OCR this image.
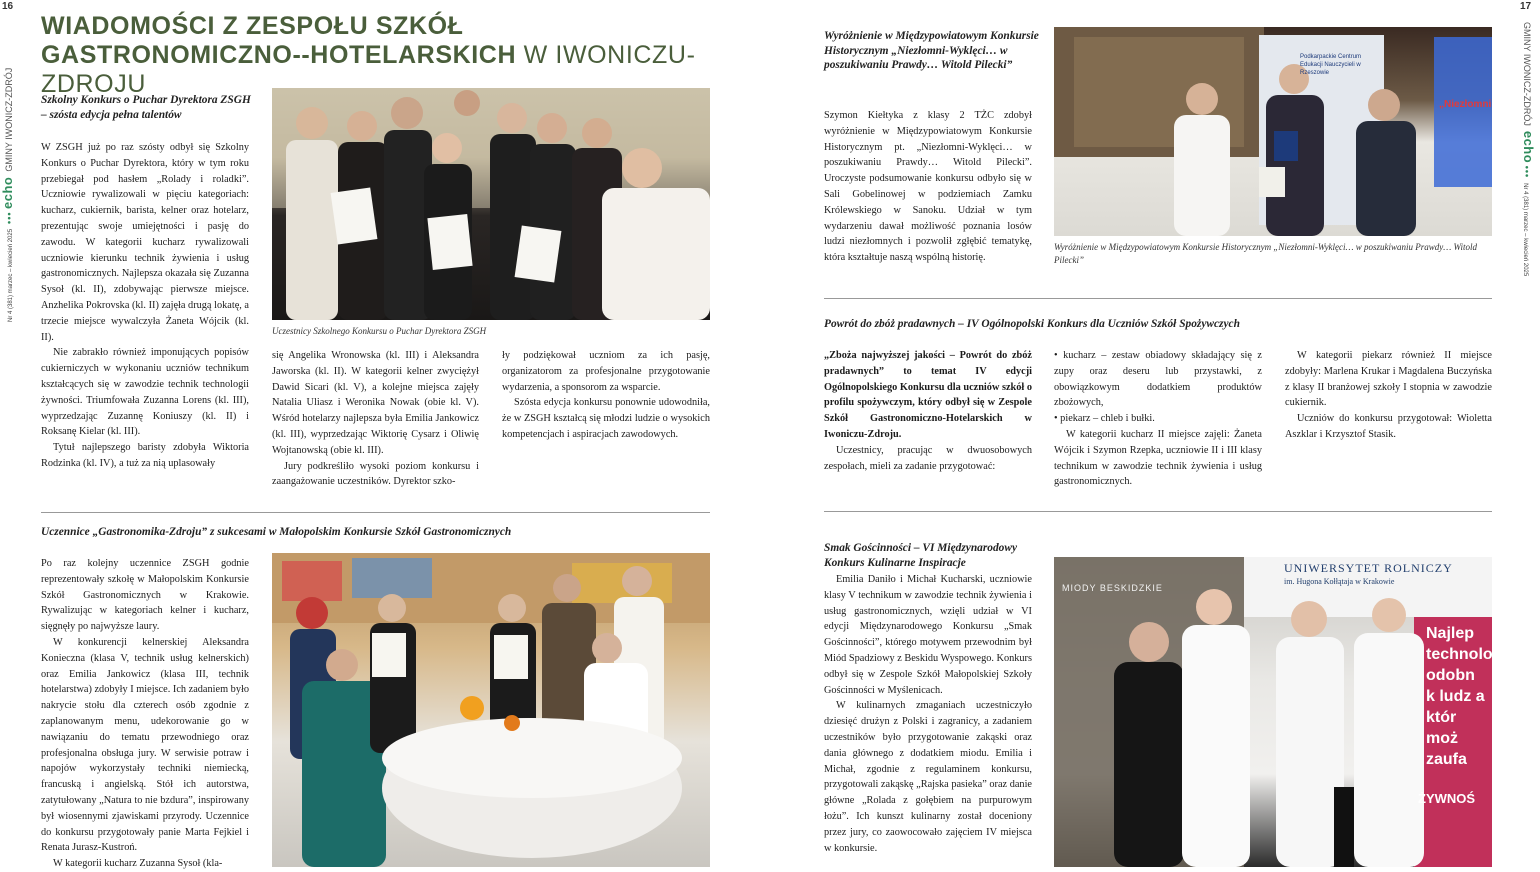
16	17
Nr 4 (381) marzec – kwiecień 2025  ••• echo  GMINY IWONICZ-ZDRÓJ	GMINY IWONICZ-ZDRÓJ  echo •••  Nr 4 (381) marzec – kwiecień 2025
WIADOMOŚCI Z ZESPOŁU SZKÓŁ GASTRONOMICZNO--HOTELARSKICH W IWONICZU-ZDROJU
Szkolny Konkurs o Puchar Dyrektora ZSGH – szósta edycja pełna talentów

W ZSGH już po raz szósty odbył się Szkolny Konkurs o Puchar Dyrektora, który w tym roku przebiegał pod hasłem „Rolady i roladki”. Uczniowie rywalizowali w pięciu kategoriach: kucharz, cukiernik, barista, kelner oraz hotelarz, prezentując swoje umiejętności i pasję do zawodu. W kategorii kucharz rywalizowali uczniowie kierunku technik żywienia i usług gastronomicznych. Najlepsza okazała się Zuzanna Sysoł (kl. II), zdobywając pierwsze miejsce. Anzhelika Pokrovska (kl. II) zajęła drugą lokatę, a trzecie miejsce wywalczyła Żaneta Wójcik (kl. II).

Nie zabrakło również imponujących popisów cukierniczych w wykonaniu uczniów technikum kształcących się w zawodzie technik technologii żywności. Triumfowała Zuzanna Lorens (kl. III), wyprzedzając Zuzannę Koniuszy (kl. II) i Roksanę Kielar (kl. III).

Tytuł najlepszego baristy zdobyła Wiktoria Rodzinka (kl. IV), a tuż za nią uplasowały

Uczestnicy Szkolnego Konkursu o Puchar Dyrektora ZSGH

się Angelika Wronowska (kl. III) i Aleksandra Jaworska (kl. II). W kategorii kelner zwyciężył Dawid Sicari (kl. V), a kolejne miejsca zajęły Natalia Uliasz i Weronika Nowak (obie kl. V). Wśród hotelarzy najlepsza była Emilia Jankowicz (kl. III), wyprzedzając Wiktorię Cysarz i Oliwię Wojtanowską (obie kl. III).

Jury podkreśliło wysoki poziom konkursu i zaangażowanie uczestników. Dyrektor szko-

ły podziękował uczniom za ich pasję, organizatorom za profesjonalne przygotowanie wydarzenia, a sponsorom za wsparcie.

Szósta edycja konkursu ponownie udowodniła, że w ZSGH kształcą się młodzi ludzie o wysokich kompetencjach i aspiracjach zawodowych.

Uczennice „Gastronomika-Zdroju” z sukcesami w Małopolskim Konkursie Szkół Gastronomicznych

Po raz kolejny uczennice ZSGH godnie reprezentowały szkołę w Małopolskim Konkursie Szkół Gastronomicznych w Krakowie. Rywalizując w kategoriach kelner i kucharz, sięgnęły po najwyższe laury.

W konkurencji kelnerskiej Aleksandra Konieczna (klasa V, technik usług kelnerskich) oraz Emilia Jankowicz (klasa III, technik hotelarstwa) zdobyły I miejsce. Ich zadaniem było nakrycie stołu dla czterech osób zgodnie z zaplanowanym menu, udekorowanie go w nawiązaniu do tematu przewodniego oraz profesjonalna obsługa jury. W serwisie potraw i napojów wykorzystały techniki niemiecką, francuską i angielską. Stół ich autorstwa, zatytułowany „Natura to nie bzdura”, inspirowany był wiosennymi zjawiskami przyrody. Uczennice do konkursu przygotowały panie Marta Fejkiel i Renata Jurasz-Kustroń.

W kategorii kucharz Zuzanna Sysoł (kla-

Wyróżnienie w Międzypowiatowym Konkursie Historycznym „Niezłomni-Wyklęci… w poszukiwaniu Prawdy… Witold Pilecki”

Szymon Kiełtyka z klasy 2 TŻC zdobył wyróżnienie w Międzypowiatowym Konkursie Historycznym pt. „Niezłomni-Wyklęci… w poszukiwaniu Prawdy… Witold Pilecki”. Uroczyste podsumowanie konkursu odbyło się w Sali Gobelinowej w podziemiach Zamku Królewskiego w Sanoku. Udział w tym wydarzeniu dawał możliwość poznania losów ludzi niezłomnych i pozwolił zgłębić tematykę, która kształtuje naszą wspólną historię.

Podkarpackie Centrum Edukacji Nauczycieli w Rzeszowie
„Niezłomni
Wyróżnienie w Międzypowiatowym Konkursie Historycznym „Niezłomni-Wyklęci… w poszukiwaniu Prawdy… Witold Pilecki”
Powrót do zbóż pradawnych – IV Ogólnopolski Konkurs dla Uczniów Szkół Spożywczych

„Zboża najwyższej jakości – Powrót do zbóż pradawnych” to temat IV edycji Ogólnopolskiego Konkursu dla uczniów szkół o profilu spożywczym, który odbył się w Zespole Szkół Gastronomiczno-Hotelarskich w Iwoniczu-Zdroju.

Uczestnicy, pracując w dwuosobowych zespołach, mieli za zadanie przygotować:

• kucharz – zestaw obiadowy składający się z zupy oraz deseru lub przystawki, z obowiązkowym dodatkiem produktów zbożowych,

• piekarz – chleb i bułki.

W kategorii kucharz II miejsce zajęli: Żaneta Wójcik i Szymon Rzepka, uczniowie II i III klasy technikum w zawodzie technik żywienia i usług gastronomicznych.

W kategorii piekarz również II miejsce zdobyły: Marlena Krukar i Magdalena Buczyńska z klasy II branżowej szkoły I stopnia w zawodzie cukiernik.

Uczniów do konkursu przygotował: Wioletta Aszklar i Krzysztof Stasik.

Smak Gościnności – VI Międzynarodowy Konkurs Kulinarne Inspiracje

Emilia Daniło i Michał Kucharski, uczniowie klasy V technikum w zawodzie technik żywienia i usług gastronomicznych, wzięli udział w VI edycji Międzynarodowego Konkursu „Smak Gościnności”, którego motywem przewodnim był Miód Spadziowy z Beskidu Wyspowego. Konkurs odbył się w Zespole Szkół Małopolskiej Szkoły Gościnności w Myślenicach.

W kulinarnych zmaganiach uczestniczyło dziesięć drużyn z Polski i zagranicy, a zadaniem uczestników było przygotowanie zakąski oraz dania głównego z dodatkiem miodu. Emilia i Michał, zgodnie z regulaminem konkursu, przygotowali zakąskę „Rajska pasieka” oraz danie główne „Rolada z gołębiem na purpurowym łożu”. Ich kunszt kulinarny został doceniony przez jury, co zaowocowało zajęciem IV miejsca w konkursie.

MIODY BESKIDZKIE
UNIWERSYTET ROLNICZY
im. Hugona Kołłątaja w Krakowie
Najlep technolog odobn k ludz a któr moż zaufa
ŻYWNOŚ
